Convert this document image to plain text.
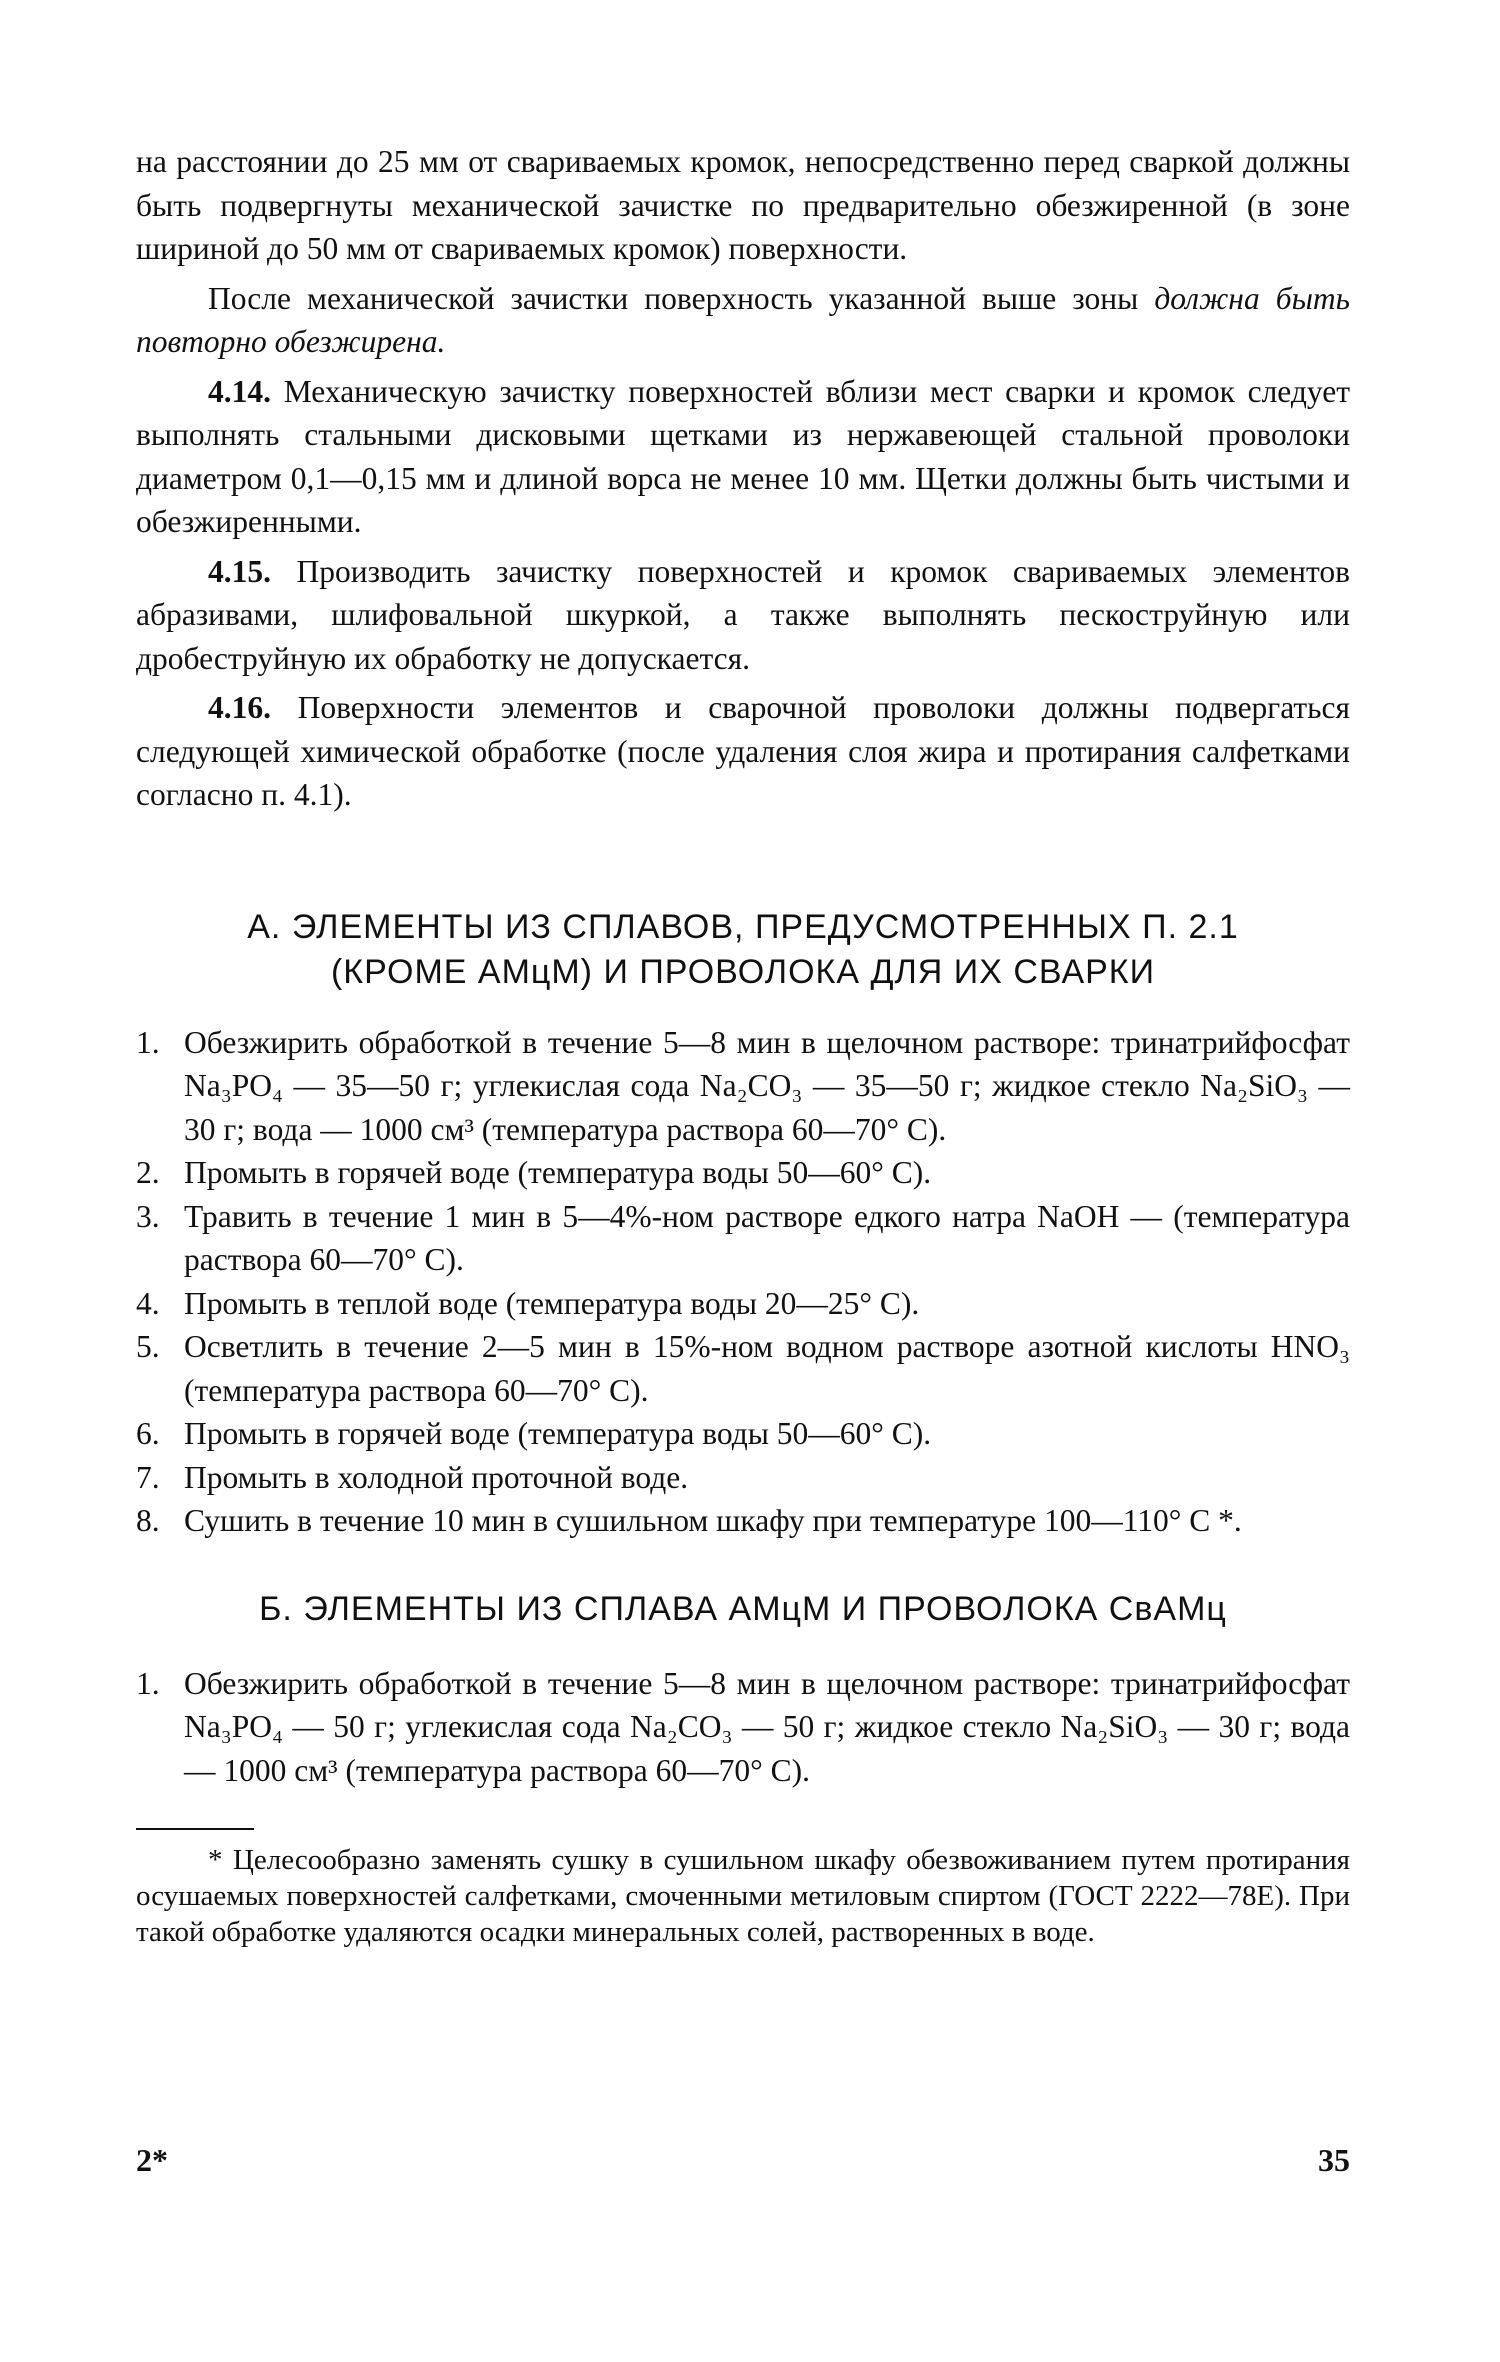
на расстоянии до 25 мм от свариваемых кромок, непосредственно перед сваркой должны быть подвергнуты механической зачистке по предварительно обезжиренной (в зоне шириной до 50 мм от свариваемых кромок) поверхности.

После механической зачистки поверхность указанной выше зоны должна быть повторно обезжирена.

4.14. Механическую зачистку поверхностей вблизи мест сварки и кромок следует выполнять стальными дисковыми щетками из нержавеющей стальной проволоки диаметром 0,1—0,15 мм и длиной ворса не менее 10 мм. Щетки должны быть чистыми и обезжиренными.

4.15. Производить зачистку поверхностей и кромок свариваемых элементов абразивами, шлифовальной шкуркой, а также выполнять пескоструйную или дробеструйную их обработку не допускается.

4.16. Поверхности элементов и сварочной проволоки должны подвергаться следующей химической обработке (после удаления слоя жира и протирания салфетками согласно п. 4.1).

А. ЭЛЕМЕНТЫ ИЗ СПЛАВОВ, ПРЕДУСМОТРЕННЫХ П. 2.1
(КРОМЕ АМцМ) И ПРОВОЛОКА ДЛЯ ИХ СВАРКИ
1. Обезжирить обработкой в течение 5—8 мин в щелочном растворе: тринатрийфосфат Na₃PO₄ — 35—50 г; углекислая сода Na₂CO₃ — 35—50 г; жидкое стекло Na₂SiO₃ — 30 г; вода — 1000 см³ (температура раствора 60—70° С).
2. Промыть в горячей воде (температура воды 50—60° С).
3. Травить в течение 1 мин в 5—4%-ном растворе едкого натра NaOH — (температура раствора 60—70° С).
4. Промыть в теплой воде (температура воды 20—25° С).
5. Осветлить в течение 2—5 мин в 15%-ном водном растворе азотной кислоты HNO₃ (температура раствора 60—70° С).
6. Промыть в горячей воде (температура воды 50—60° С).
7. Промыть в холодной проточной воде.
8. Сушить в течение 10 мин в сушильном шкафу при температуре 100—110° С *.
Б. ЭЛЕМЕНТЫ ИЗ СПЛАВА АМцМ И ПРОВОЛОКА СвАМц
1. Обезжирить обработкой в течение 5—8 мин в щелочном растворе: тринатрийфосфат Na₃PO₄ — 50 г; углекислая сода Na₂CO₃ — 50 г; жидкое стекло Na₂SiO₃ — 30 г; вода — 1000 см³ (температура раствора 60—70° С).

* Целесообразно заменять сушку в сушильном шкафу обезвоживанием путем протирания осушаемых поверхностей салфетками, смоченными метиловым спиртом (ГОСТ 2222—78Е). При такой обработке удаляются осадки минеральных солей, растворенных в воде.

2*	35
